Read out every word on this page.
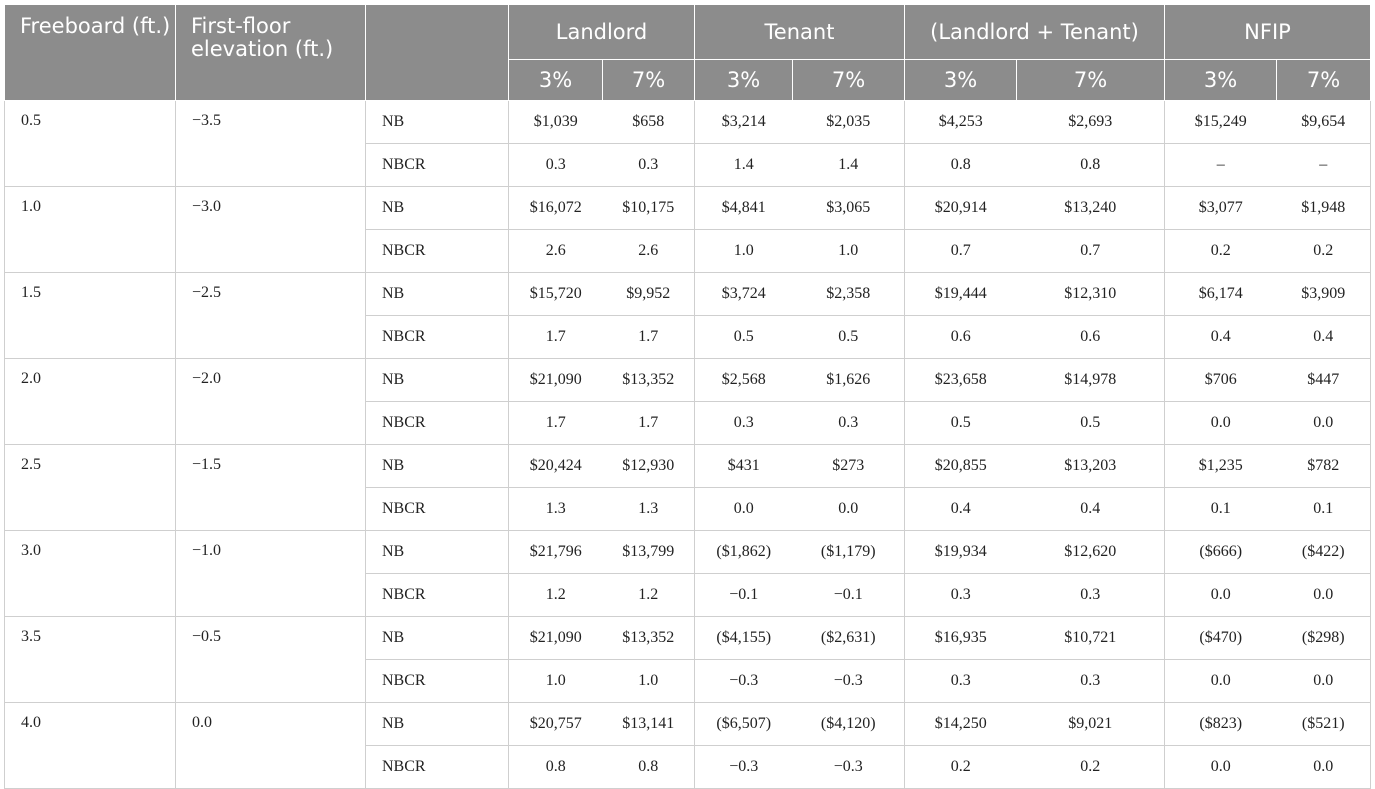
Freeboard (ft.)	First-floor elevation (ft.)		Landlord		Tenant		(Landlord + Tenant)		NFIP	
			3%	7%	3%	7%	3%	7%	3%	7%
0.5	−3.5	NB	$1,039	$658	$3,214	$2,035	$4,253	$2,693	$15,249	$9,654
		NBCR	0.3	0.3	1.4	1.4	0.8	0.8	–	–
1.0	−3.0	NB	$16,072	$10,175	$4,841	$3,065	$20,914	$13,240	$3,077	$1,948
		NBCR	2.6	2.6	1.0	1.0	0.7	0.7	0.2	0.2
1.5	−2.5	NB	$15,720	$9,952	$3,724	$2,358	$19,444	$12,310	$6,174	$3,909
		NBCR	1.7	1.7	0.5	0.5	0.6	0.6	0.4	0.4
2.0	−2.0	NB	$21,090	$13,352	$2,568	$1,626	$23,658	$14,978	$706	$447
		NBCR	1.7	1.7	0.3	0.3	0.5	0.5	0.0	0.0
2.5	−1.5	NB	$20,424	$12,930	$431	$273	$20,855	$13,203	$1,235	$782
		NBCR	1.3	1.3	0.0	0.0	0.4	0.4	0.1	0.1
3.0	−1.0	NB	$21,796	$13,799	($1,862)	($1,179)	$19,934	$12,620	($666)	($422)
		NBCR	1.2	1.2	−0.1	−0.1	0.3	0.3	0.0	0.0
3.5	−0.5	NB	$21,090	$13,352	($4,155)	($2,631)	$16,935	$10,721	($470)	($298)
		NBCR	1.0	1.0	−0.3	−0.3	0.3	0.3	0.0	0.0
4.0	0.0	NB	$20,757	$13,141	($6,507)	($4,120)	$14,250	$9,021	($823)	($521)
		NBCR	0.8	0.8	−0.3	−0.3	0.2	0.2	0.0	0.0
